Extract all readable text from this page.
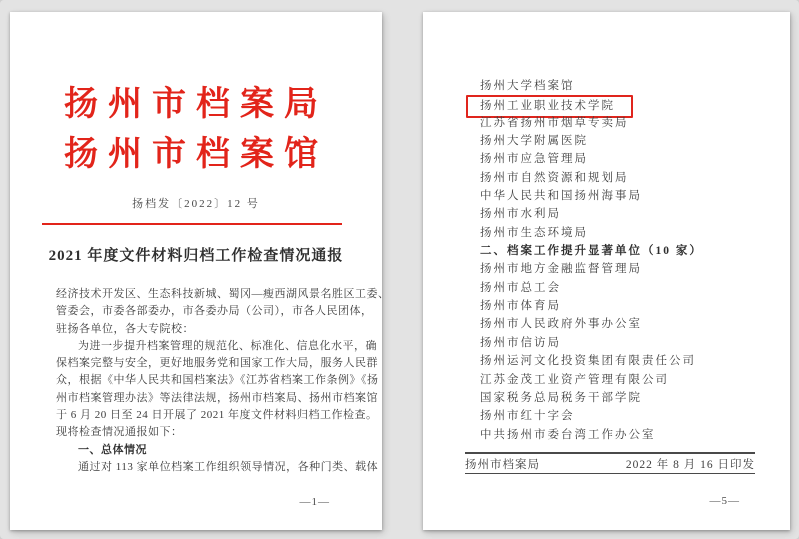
扬州市档案局
扬州市档案馆
扬档发〔2022〕12 号
2021 年度文件材料归档工作检查情况通报
经济技术开发区、生态科技新城、蜀冈—瘦西湖风景名胜区工委、
管委会，市委各部委办，市各委办局（公司），市各人民团体，
驻扬各单位，各大专院校：
为进一步提升档案管理的规范化、标准化、信息化水平，确
保档案完整与安全，更好地服务党和国家工作大局，服务人民群
众，根据《中华人民共和国档案法》《江苏省档案工作条例》《扬
州市档案管理办法》等法律法规，扬州市档案局、扬州市档案馆
于 6 月 20 日至 24 日开展了 2021 年度文件材料归档工作检查。
现将检查情况通报如下：
一、总体情况
通过对 113 家单位档案工作组织领导情况，各种门类、载体
—1—
扬州大学档案馆
扬州工业职业技术学院
江苏省扬州市烟草专卖局
扬州大学附属医院
扬州市应急管理局
扬州市自然资源和规划局
中华人民共和国扬州海事局
扬州市水利局
扬州市生态环境局
二、档案工作提升显著单位（10 家）
扬州市地方金融监督管理局
扬州市总工会
扬州市体育局
扬州市人民政府外事办公室
扬州市信访局
扬州运河文化投资集团有限责任公司
江苏金茂工业资产管理有限公司
国家税务总局税务干部学院
扬州市红十字会
中共扬州市委台湾工作办公室
扬州市档案局	2022 年 8 月 16 日印发
—5—
